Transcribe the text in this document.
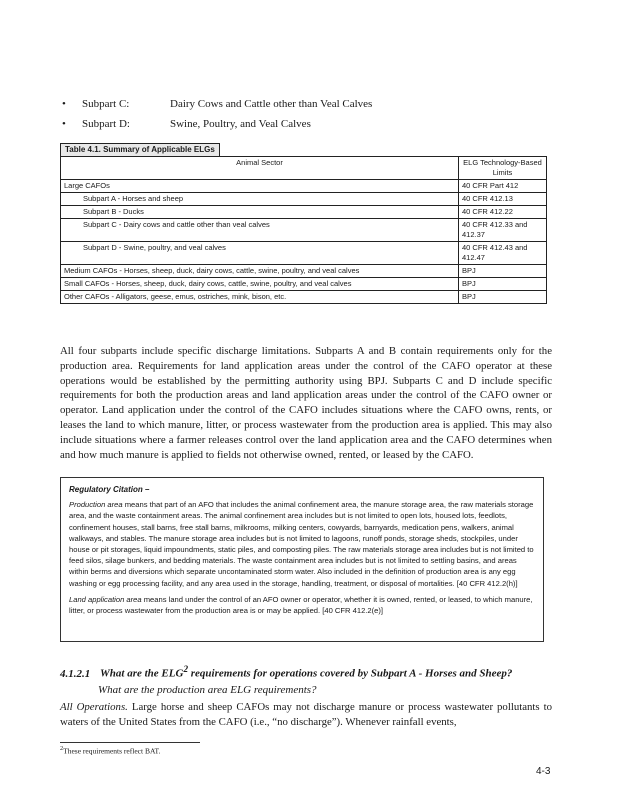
• Subpart C:	Dairy Cows and Cattle other than Veal Calves
• Subpart D:	Swine, Poultry, and Veal Calves
Table 4.1. Summary of Applicable ELGs
Animal Sector	ELG Technology-Based Limits
Large CAFOs	40 CFR Part 412
Subpart A - Horses and sheep	40 CFR 412.13
Subpart B - Ducks	40 CFR 412.22
Subpart C - Dairy cows and cattle other than veal calves	40 CFR 412.33 and 412.37
Subpart D - Swine, poultry, and veal calves	40 CFR 412.43 and 412.47
Medium CAFOs - Horses, sheep, duck, dairy cows, cattle, swine, poultry, and veal calves	BPJ
Small CAFOs - Horses, sheep, duck, dairy cows, cattle, swine, poultry, and veal calves	BPJ
Other CAFOs - Alligators, geese, emus, ostriches, mink, bison, etc.	BPJ
All four subparts include specific discharge limitations. Subparts A and B contain requirements only for the production area. Requirements for land application areas under the control of the CAFO operator at these operations would be established by the permitting authority using BPJ. Subparts C and D include specific requirements for both the production areas and land application areas under the control of the CAFO owner or operator. Land application under the control of the CAFO includes situations where the CAFO owns, rents, or leases the land to which manure, litter, or process wastewater from the production area is applied. This may also include situations where a farmer releases control over the land application area and the CAFO determines when and how much manure is applied to fields not otherwise owned, rented, or leased by the CAFO.
Regulatory Citation –

Production area means that part of an AFO that includes the animal confinement area, the manure storage area, the raw materials storage area, and the waste containment areas. The animal confinement area includes but is not limited to open lots, housed lots, feedlots, confinement houses, stall barns, free stall barns, milkrooms, milking centers, cowyards, barnyards, medication pens, walkers, animal walkways, and stables. The manure storage area includes but is not limited to lagoons, runoff ponds, storage sheds, stockpiles, under house or pit storages, liquid impoundments, static piles, and composting piles. The raw materials storage area includes but is not limited to feed silos, silage bunkers, and bedding materials. The waste containment area includes but is not limited to settling basins, and areas within berms and diversions which separate uncontaminated storm water. Also included in the definition of production area is any egg washing or egg processing facility, and any area used in the storage, handling, treatment, or disposal of mortalities. [40 CFR 412.2(h)]

Land application area means land under the control of an AFO owner or operator, whether it is owned, rented, or leased, to which manure, litter, or process wastewater from the production area is or may be applied. [40 CFR 412.2(e)]

4.1.2.1 What are the ELG$^2$ requirements for operations covered by Subpart A - Horses and Sheep?
What are the production area ELG requirements?
All Operations. Large horse and sheep CAFOs may not discharge manure or process wastewater pollutants to waters of the United States from the CAFO (i.e., “no discharge”). Whenever rainfall events,
$^2$These requirements reflect BAT.
4-3
